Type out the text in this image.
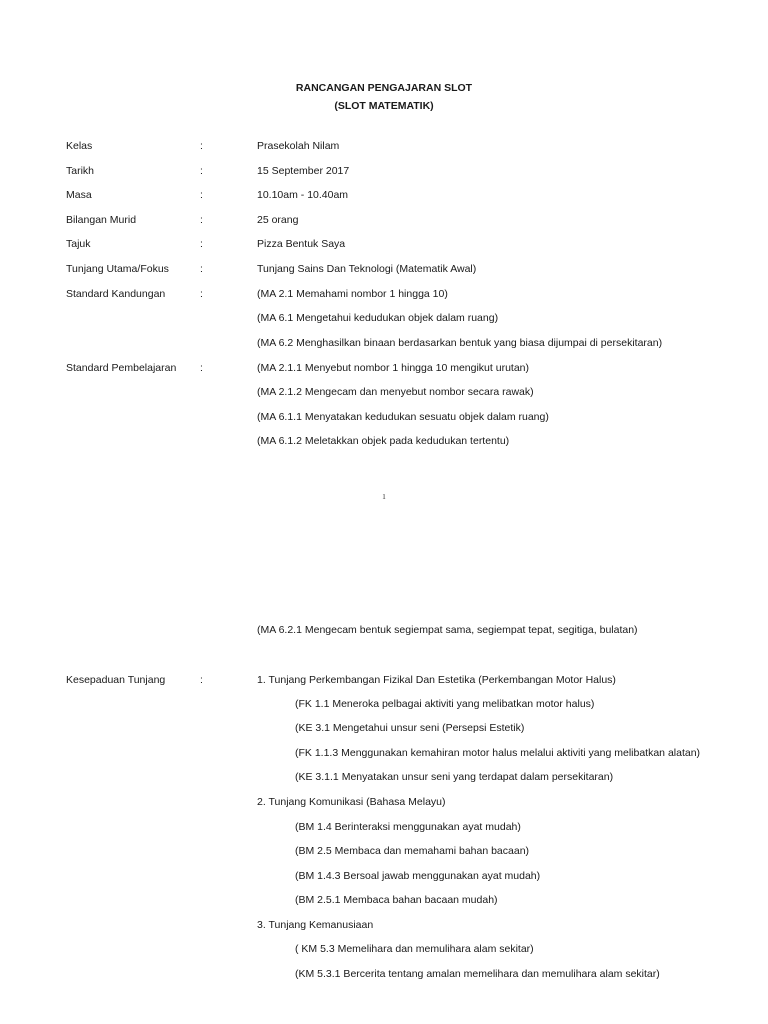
RANCANGAN PENGAJARAN SLOT
(SLOT MATEMATIK)
Kelas	:	Prasekolah Nilam
Tarikh	:	15 September 2017
Masa	:	10.10am - 10.40am
Bilangan Murid	:	25 orang
Tajuk	:	Pizza Bentuk Saya
Tunjang Utama/Fokus	:	Tunjang Sains Dan Teknologi (Matematik Awal)
Standard Kandungan	:	(MA 2.1 Memahami nombor 1 hingga 10)
(MA 6.1 Mengetahui kedudukan objek dalam ruang)
(MA 6.2 Menghasilkan binaan berdasarkan bentuk yang biasa dijumpai di persekitaran)
Standard Pembelajaran :	(MA 2.1.1 Menyebut nombor 1 hingga 10 mengikut urutan)
(MA 2.1.2 Mengecam dan menyebut nombor secara rawak)
(MA 6.1.1 Menyatakan kedudukan sesuatu objek dalam ruang)
(MA 6.1.2 Meletakkan objek pada kedudukan tertentu)
1
(MA 6.2.1 Mengecam bentuk segiempat sama, segiempat tepat, segitiga, bulatan)
Kesepaduan Tunjang	:	1. Tunjang Perkembangan Fizikal Dan Estetika (Perkembangan Motor Halus)
(FK 1.1 Meneroka pelbagai aktiviti yang melibatkan motor halus)
(KE 3.1 Mengetahui unsur seni (Persepsi Estetik)
(FK 1.1.3 Menggunakan kemahiran motor halus melalui aktiviti yang melibatkan alatan)
(KE 3.1.1 Menyatakan unsur seni yang terdapat dalam persekitaran)
2. Tunjang Komunikasi (Bahasa Melayu)
(BM 1.4 Berinteraksi menggunakan ayat mudah)
(BM 2.5 Membaca dan memahami bahan bacaan)
(BM 1.4.3 Bersoal jawab menggunakan ayat mudah)
(BM 2.5.1 Membaca bahan bacaan mudah)
3. Tunjang Kemanusiaan
( KM 5.3 Memelihara dan memulihara alam sekitar)
(KM 5.3.1 Bercerita tentang amalan memelihara dan memulihara alam sekitar)
